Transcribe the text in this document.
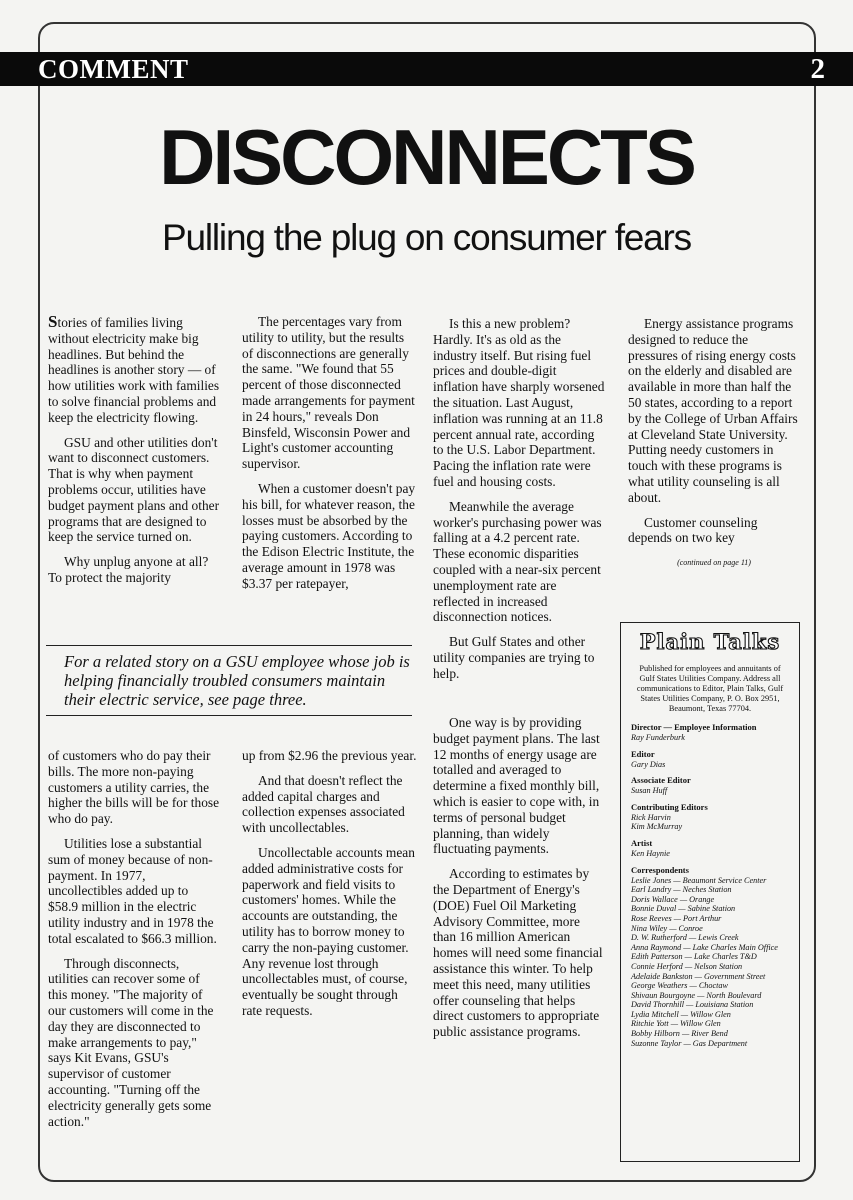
COMMENT	2
DISCONNECTS
Pulling the plug on consumer fears

Stories of families living without electricity make big headlines. But behind the headlines is another story — of how utilities work with families to solve financial problems and keep the electricity flowing.

GSU and other utilities don't want to disconnect customers. That is why when payment problems occur, utilities have budget payment plans and other programs that are designed to keep the service turned on.

Why unplug anyone at all? To protect the majority

The percentages vary from utility to utility, but the results of disconnections are generally the same. "We found that 55 percent of those disconnected made arrangements for payment in 24 hours," reveals Don Binsfeld, Wisconsin Power and Light's customer accounting supervisor.

When a customer doesn't pay his bill, for whatever reason, the losses must be absorbed by the paying customers. According to the Edison Electric Institute, the average amount in 1978 was $3.37 per ratepayer,

Is this a new problem? Hardly. It's as old as the industry itself. But rising fuel prices and double-digit inflation have sharply worsened the situation. Last August, inflation was running at an 11.8 percent annual rate, according to the U.S. Labor Department. Pacing the inflation rate were fuel and housing costs.

Meanwhile the average worker's purchasing power was falling at a 4.2 percent rate. These economic disparities coupled with a near-six percent unemployment rate are reflected in increased disconnection notices.

But Gulf States and other utility companies are trying to help.

One way is by providing budget payment plans. The last 12 months of energy usage are totalled and averaged to determine a fixed monthly bill, which is easier to cope with, in terms of personal budget planning, than widely fluctuating payments.

According to estimates by the Department of Energy's (DOE) Fuel Oil Marketing Advisory Committee, more than 16 million American homes will need some financial assistance this winter. To help meet this need, many utilities offer counseling that helps direct customers to appropriate public assistance programs.

Energy assistance programs designed to reduce the pressures of rising energy costs on the elderly and disabled are available in more than half the 50 states, according to a report by the College of Urban Affairs at Cleveland State University. Putting needy customers in touch with these programs is what utility counseling is all about.

Customer counseling depends on two key

(continued on page 11)
For a related story on a GSU employee whose job is helping financially troubled consumers maintain their electric service, see page three.

of customers who do pay their bills. The more non-paying customers a utility carries, the higher the bills will be for those who do pay.

Utilities lose a substantial sum of money because of non-payment. In 1977, uncollectibles added up to $58.9 million in the electric utility industry and in 1978 the total escalated to $66.3 million.

Through disconnects, utilities can recover some of this money. "The majority of our customers will come in the day they are disconnected to make arrangements to pay," says Kit Evans, GSU's supervisor of customer accounting. "Turning off the electricity generally gets some action."

up from $2.96 the previous year.

And that doesn't reflect the added capital charges and collection expenses associated with uncollectables.

Uncollectable accounts mean added administrative costs for paperwork and field visits to customers' homes. While the accounts are outstanding, the utility has to borrow money to carry the non-paying customer. Any revenue lost through uncollectables must, of course, eventually be sought through rate requests.

Plain Talks

Published for employees and annuitants of Gulf States Utilities Company. Address all communications to Editor, Plain Talks, Gulf States Utilities Company, P. O. Box 2951, Beaumont, Texas 77704.

Director — Employee Information

Ray Funderburk

Editor

Gary Dias

Associate Editor

Susan Huff

Contributing Editors

Rick Harvin

Kim McMurray

Artist

Ken Haynie

Correspondents

Leslie Jones — Beaumont Service Center

Earl Landry — Neches Station

Doris Wallace — Orange

Bonnie Duval — Sabine Station

Rose Reeves — Port Arthur

Nina Wiley — Conroe

D. W. Rutherford — Lewis Creek

Anna Raymond — Lake Charles Main Office

Edith Patterson — Lake Charles T&D

Connie Herford — Nelson Station

Adelaide Bankston — Government Street

George Weathers — Choctaw

Shivaun Bourgoyne — North Boulevard

David Thornhill — Louisiana Station

Lydia Mitchell — Willow Glen

Ritchie Yott — Willow Glen

Bobby Hilborn — River Bend

Suzonne Taylor — Gas Department
